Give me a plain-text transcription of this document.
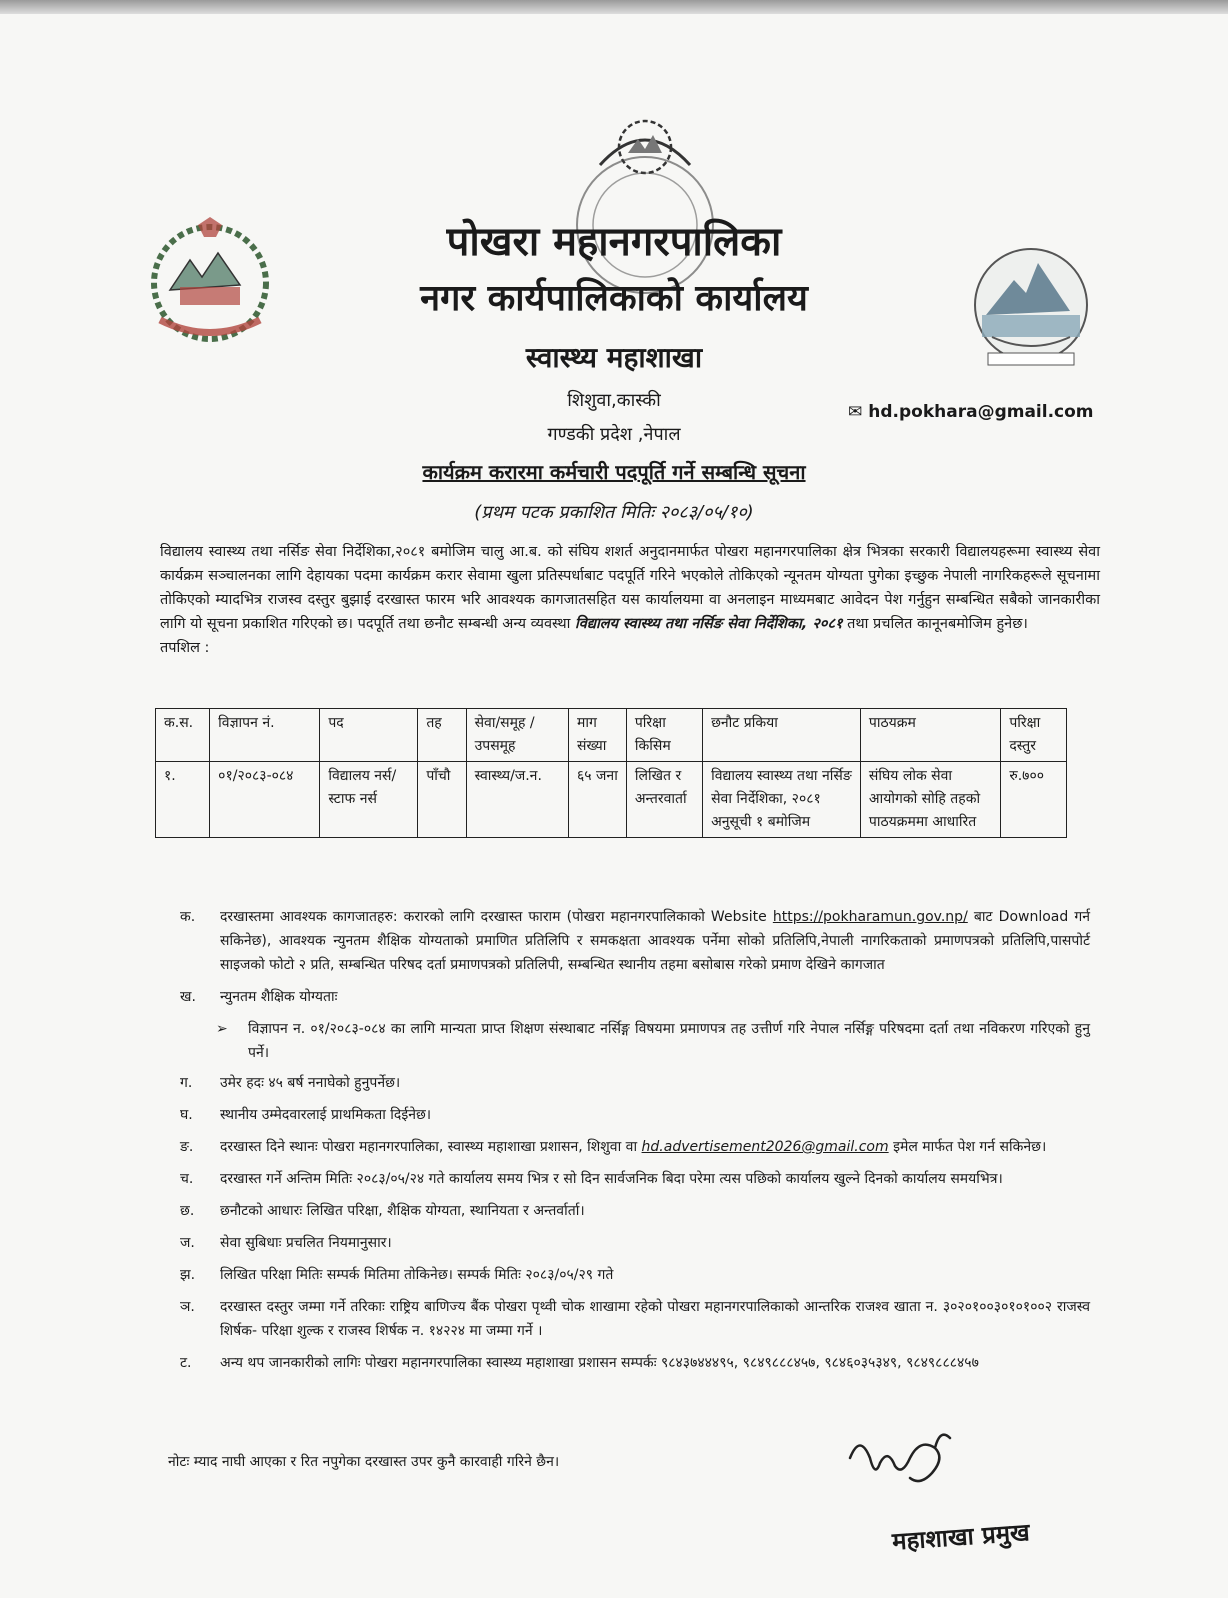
पोखरा महानगरपालिका
नगर कार्यपालिकाको कार्यालय
स्वास्थ्य महाशाखा
शिशुवा,कास्की
गण्डकी प्रदेश ,नेपाल
✉ hd.pokhara@gmail.com
कार्यक्रम करारमा कर्मचारी पदपूर्ति गर्ने सम्बन्धि सूचना
(प्रथम पटक प्रकाशित मितिः २०८३/०५/१०)
विद्यालय स्वास्थ्य तथा नर्सिङ सेवा निर्देशिका,२०८१ बमोजिम चालु आ.ब. को संघिय शशर्त अनुदानमार्फत पोखरा महानगरपालिका क्षेत्र भित्रका सरकारी विद्यालयहरूमा स्वास्थ्य सेवा कार्यक्रम सञ्चालनका लागि देहायका पदमा कार्यक्रम करार सेवामा खुला प्रतिस्पर्धाबाट पदपूर्ति गरिने भएकोले तोकिएको न्यूनतम योग्यता पुगेका इच्छुक नेपाली नागरिकहरूले सूचनामा तोकिएको म्यादभित्र राजस्व दस्तुर बुझाई दरखास्त फारम भरि आवश्यक कागजातसहित यस कार्यालयमा वा अनलाइन माध्यमबाट आवेदन पेश गर्नुहुन सम्बन्धित सबैको जानकारीका लागि यो सूचना प्रकाशित गरिएको छ। पदपूर्ति तथा छनौट सम्बन्धी अन्य व्यवस्था विद्यालय स्वास्थ्य तथा नर्सिङ सेवा निर्देशिका, २०८१ तथा प्रचलित कानूनबमोजिम हुनेछ।
तपशिल :
क.स.	विज्ञापन नं.	पद	तह	सेवा/समूह /उपसमूह	माग संख्या	परिक्षा किसिम	छनौट प्रकिया	पाठयक्रम	परिक्षा दस्तुर
१.	०१/२०८३-०८४	विद्यालय नर्स/स्टाफ नर्स	पाँचौ	स्वास्थ्य/ज.न.	६५ जना	लिखित र अन्तरवार्ता	विद्यालय स्वास्थ्य तथा नर्सिङ सेवा निर्देशिका, २०८१ अनुसूची १ बमोजिम	संघिय लोक सेवा आयोगको सोहि तहको पाठयक्रममा आधारित	रु.७००
क. दरखास्तमा आवश्यक कागजातहरु: करारको लागि दरखास्त फाराम (पोखरा महानगरपालिकाको Website https://pokharamun.gov.np/ बाट Download गर्न सकिनेछ), आवश्यक न्युनतम शैक्षिक योग्यताको प्रमाणित प्रतिलिपि र समकक्षता आवश्यक पर्नेमा सोको प्रतिलिपि,नेपाली नागरिकताको प्रमाणपत्रको प्रतिलिपि,पासपोर्ट साइजको फोटो २ प्रति, सम्बन्धित परिषद दर्ता प्रमाणपत्रको प्रतिलिपी, सम्बन्धित स्थानीय तहमा बसोबास गरेको प्रमाण देखिने कागजात
ख. न्युनतम शैक्षिक योग्यताः
➢ विज्ञापन न. ०१/२०८३-०८४ का लागि मान्यता प्राप्त शिक्षण संस्थाबाट नर्सिङ्ग विषयमा प्रमाणपत्र तह उत्तीर्ण गरि नेपाल नर्सिङ्ग परिषदमा दर्ता तथा नविकरण गरिएको हुनु पर्ने।
ग. उमेर हदः ४५ बर्ष ननाघेको हुनुपर्नेछ।
घ. स्थानीय उम्मेदवारलाई प्राथमिकता दिईनेछ।
ङ. दरखास्त दिने स्थानः पोखरा महानगरपालिका, स्वास्थ्य महाशाखा प्रशासन, शिशुवा वा hd.advertisement2026@gmail.com इमेल मार्फत पेश गर्न सकिनेछ।
च. दरखास्त गर्ने अन्तिम मितिः २०८३/०५/२४ गते कार्यालय समय भित्र र सो दिन सार्वजनिक बिदा परेमा त्यस पछिको कार्यालय खुल्ने दिनको कार्यालय समयभित्र।
छ. छनौटको आधारः लिखित परिक्षा, शैक्षिक योग्यता, स्थानियता र अन्तर्वार्ता।
ज. सेवा सुबिधाः प्रचलित नियमानुसार।
झ. लिखित परिक्षा मितिः सम्पर्क मितिमा तोकिनेछ। सम्पर्क मितिः २०८३/०५/२९ गते
ञ. दरखास्त दस्तुर जम्मा गर्ने तरिकाः राष्ट्रिय बाणिज्य बैंक पोखरा पृथ्वी चोक शाखामा रहेको पोखरा महानगरपालिकाको आन्तरिक राजश्व खाता न. ३०२०१००३०१०१००२ राजस्व शिर्षक- परिक्षा शुल्क र राजस्व शिर्षक न. १४२२४ मा जम्मा गर्ने ।
ट. अन्य थप जानकारीको लागिः पोखरा महानगरपालिका स्वास्थ्य महाशाखा प्रशासन सम्पर्कः ९८४३७४४४९५, ९८४९८८८४५७, ९८४६०३५३४९, ९८४९८८८४५७
नोटः म्याद नाघी आएका र रित नपुगेका दरखास्त उपर कुनै कारवाही गरिने छैन।
महाशाखा प्रमुख
